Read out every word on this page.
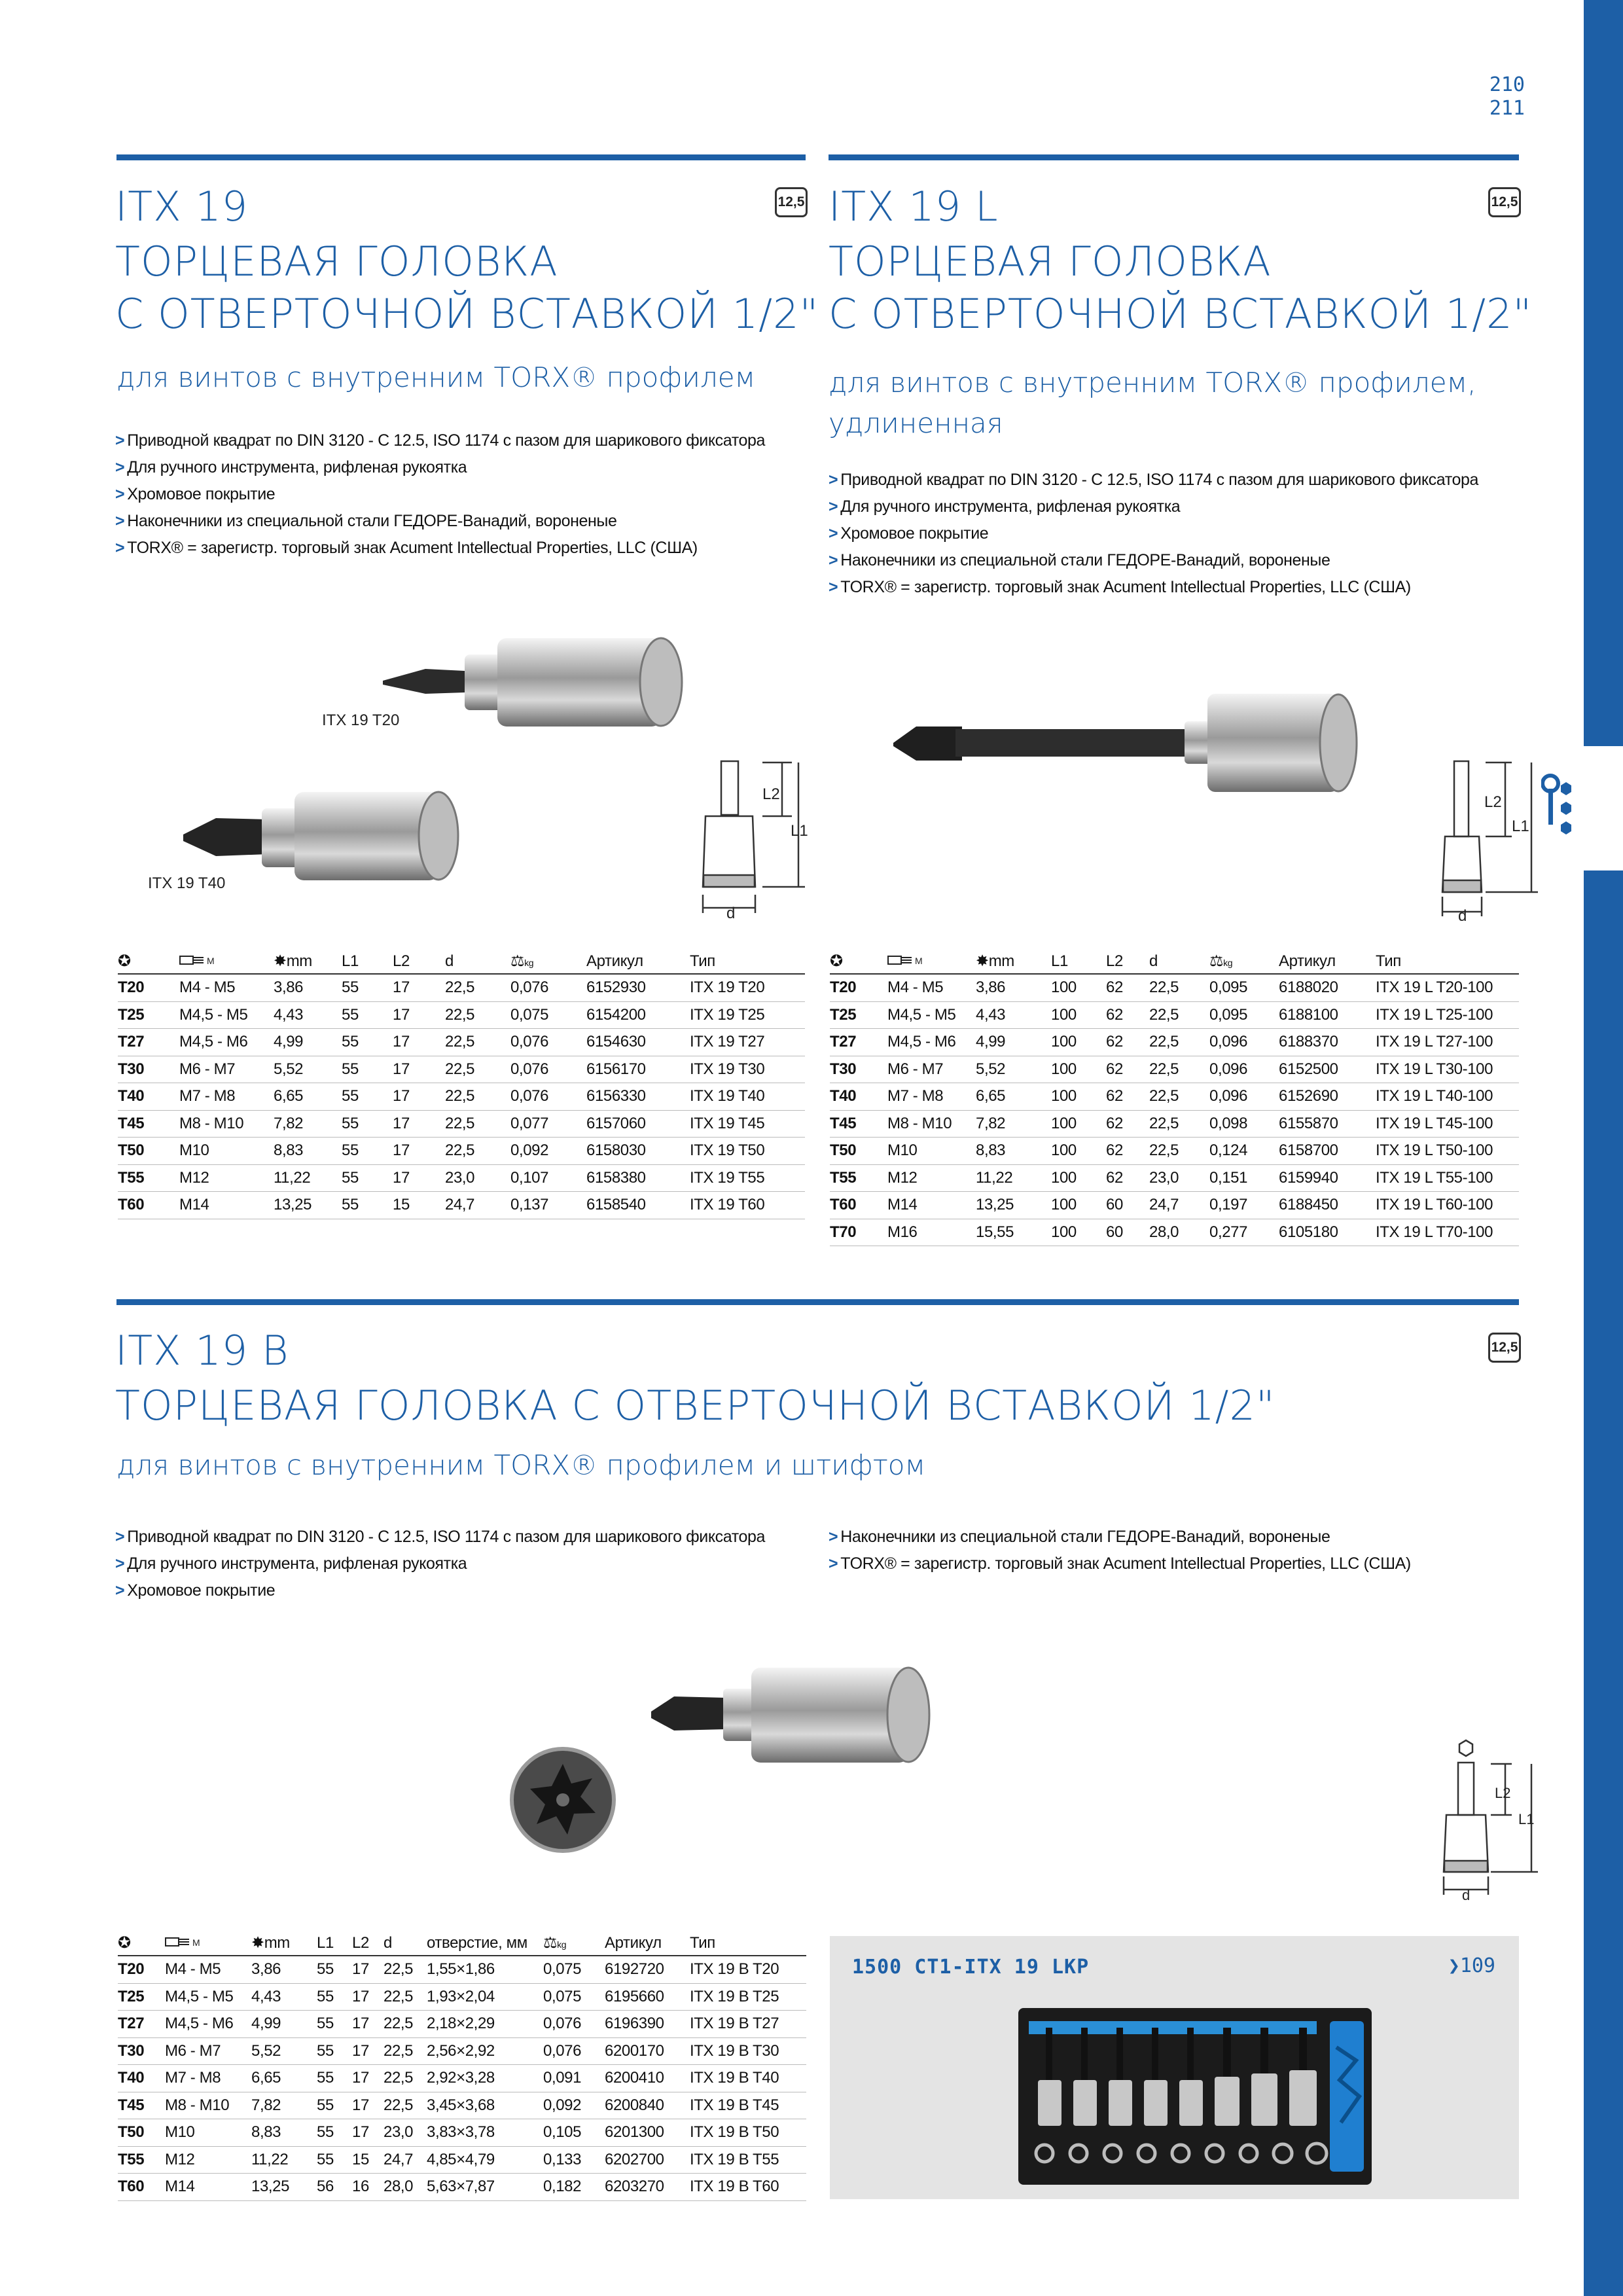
210
211
ITX 19
ТОРЦЕВАЯ ГОЛОВКА
С ОТВЕРТОЧНОЙ ВСТАВКОЙ 1/2"
для винтов с внутренним TORX® профилем
12,5
> Приводной квадрат по DIN 3120 - C 12.5, ISO 1174 с пазом для шарикового фиксатора
> Для ручного инструмента, рифленая рукоятка
> Хромовое покрытие
> Наконечники из специальной стали ГЕДОРЕ-Ванадий, вороненые
> TORX® = зарегистр. торговый знак Acument Intellectual Properties, LLC (США)
ITX 19 T20
ITX 19 T40
L2
L1
d
✪	M	✸mm	L1	L2	d	⚖kg	Артикул	Тип
T20	M4 - M5	3,86	55	17	22,5	0,076	6152930	ITX 19 T20
T25	M4,5 - M5	4,43	55	17	22,5	0,075	6154200	ITX 19 T25
T27	M4,5 - M6	4,99	55	17	22,5	0,076	6154630	ITX 19 T27
T30	M6 - M7	5,52	55	17	22,5	0,076	6156170	ITX 19 T30
T40	M7 - M8	6,65	55	17	22,5	0,076	6156330	ITX 19 T40
T45	M8 - M10	7,82	55	17	22,5	0,077	6157060	ITX 19 T45
T50	M10	8,83	55	17	22,5	0,092	6158030	ITX 19 T50
T55	M12	11,22	55	17	23,0	0,107	6158380	ITX 19 T55
T60	M14	13,25	55	15	24,7	0,137	6158540	ITX 19 T60
ITX 19 L
ТОРЦЕВАЯ ГОЛОВКА
С ОТВЕРТОЧНОЙ ВСТАВКОЙ 1/2"
для винтов с внутренним TORX® профилем, удлиненная
12,5
> Приводной квадрат по DIN 3120 - C 12.5, ISO 1174 с пазом для шарикового фиксатора
> Для ручного инструмента, рифленая рукоятка
> Хромовое покрытие
> Наконечники из специальной стали ГЕДОРЕ-Ванадий, вороненые
> TORX® = зарегистр. торговый знак Acument Intellectual Properties, LLC (США)
L2
L1
d
✪	M	✸mm	L1	L2	d	⚖kg	Артикул	Тип
T20	M4 - M5	3,86	100	62	22,5	0,095	6188020	ITX 19 L T20-100
T25	M4,5 - M5	4,43	100	62	22,5	0,095	6188100	ITX 19 L T25-100
T27	M4,5 - M6	4,99	100	62	22,5	0,096	6188370	ITX 19 L T27-100
T30	M6 - M7	5,52	100	62	22,5	0,096	6152500	ITX 19 L T30-100
T40	M7 - M8	6,65	100	62	22,5	0,096	6152690	ITX 19 L T40-100
T45	M8 - M10	7,82	100	62	22,5	0,098	6155870	ITX 19 L T45-100
T50	M10	8,83	100	62	22,5	0,124	6158700	ITX 19 L T50-100
T55	M12	11,22	100	62	23,0	0,151	6159940	ITX 19 L T55-100
T60	M14	13,25	100	60	24,7	0,197	6188450	ITX 19 L T60-100
T70	M16	15,55	100	60	28,0	0,277	6105180	ITX 19 L T70-100
ITX 19 B
ТОРЦЕВАЯ ГОЛОВКА С ОТВЕРТОЧНОЙ ВСТАВКОЙ 1/2"
для винтов с внутренним TORX® профилем и штифтом
12,5
> Приводной квадрат по DIN 3120 - C 12.5, ISO 1174 с пазом для шарикового фиксатора
> Для ручного инструмента, рифленая рукоятка
> Хромовое покрытие
> Наконечники из специальной стали ГЕДОРЕ-Ванадий, вороненые
> TORX® = зарегистр. торговый знак Acument Intellectual Properties, LLC (США)
L2
L1
d
✪	M	✸mm	L1	L2	d	отверстие, мм	⚖kg	Артикул	Тип
T20	M4 - M5	3,86	55	17	22,5	1,55×1,86	0,075	6192720	ITX 19 B T20
T25	M4,5 - M5	4,43	55	17	22,5	1,93×2,04	0,075	6195660	ITX 19 B T25
T27	M4,5 - M6	4,99	55	17	22,5	2,18×2,29	0,076	6196390	ITX 19 B T27
T30	M6 - M7	5,52	55	17	22,5	2,56×2,92	0,076	6200170	ITX 19 B T30
T40	M7 - M8	6,65	55	17	22,5	2,92×3,28	0,091	6200410	ITX 19 B T40
T45	M8 - M10	7,82	55	17	22,5	3,45×3,68	0,092	6200840	ITX 19 B T45
T50	M10	8,83	55	17	23,0	3,83×3,78	0,105	6201300	ITX 19 B T50
T55	M12	11,22	55	15	24,7	4,85×4,79	0,133	6202700	ITX 19 B T55
T60	M14	13,25	56	16	28,0	5,63×7,87	0,182	6203270	ITX 19 B T60
1500 CT1-ITX 19 LKP	❯109
